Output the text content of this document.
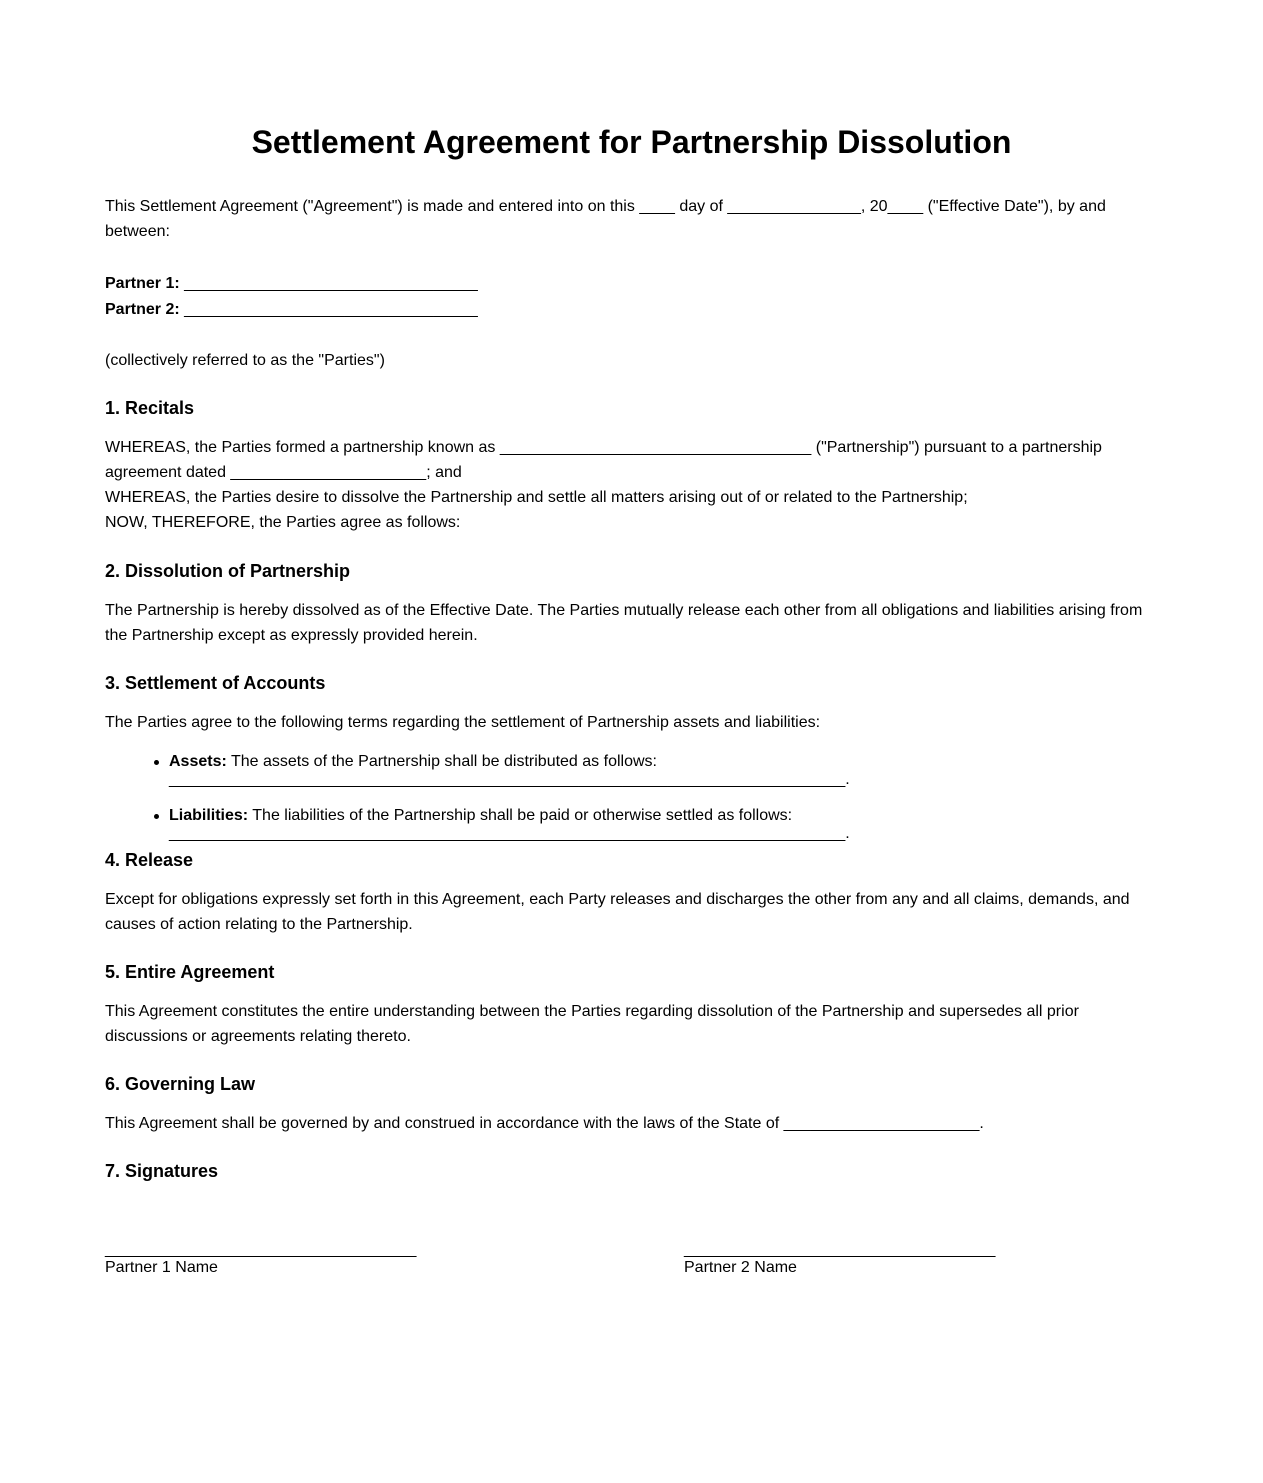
Settlement Agreement for Partnership Dissolution

This Settlement Agreement ("Agreement") is made and entered into on this ____ day of _______________, 20____ ("Effective Date"), by and between:

Partner 1: _________________________________
Partner 2: _________________________________

(collectively referred to as the "Parties")

1. Recitals

WHEREAS, the Parties formed a partnership known as ___________________________________ ("Partnership") pursuant to a partnership agreement dated ______________________; and

WHEREAS, the Parties desire to dissolve the Partnership and settle all matters arising out of or related to the Partnership;

NOW, THEREFORE, the Parties agree as follows:

2. Dissolution of Partnership

The Partnership is hereby dissolved as of the Effective Date. The Parties mutually release each other from all obligations and liabilities arising from the Partnership except as expressly provided herein.

3. Settlement of Accounts

The Parties agree to the following terms regarding the settlement of Partnership assets and liabilities:

Assets: The assets of the Partnership shall be distributed as follows:
____________________________________________________________________________.
Liabilities: The liabilities of the Partnership shall be paid or otherwise settled as follows:
____________________________________________________________________________.
4. Release

Except for obligations expressly set forth in this Agreement, each Party releases and discharges the other from any and all claims, demands, and causes of action relating to the Partnership.

5. Entire Agreement

This Agreement constitutes the entire understanding between the Parties regarding dissolution of the Partnership and supersedes all prior discussions or agreements relating thereto.

6. Governing Law

This Agreement shall be governed by and construed in accordance with the laws of the State of ______________________.

7. Signatures
___________________________________
Partner 1 Name
___________________________________
Partner 2 Name
